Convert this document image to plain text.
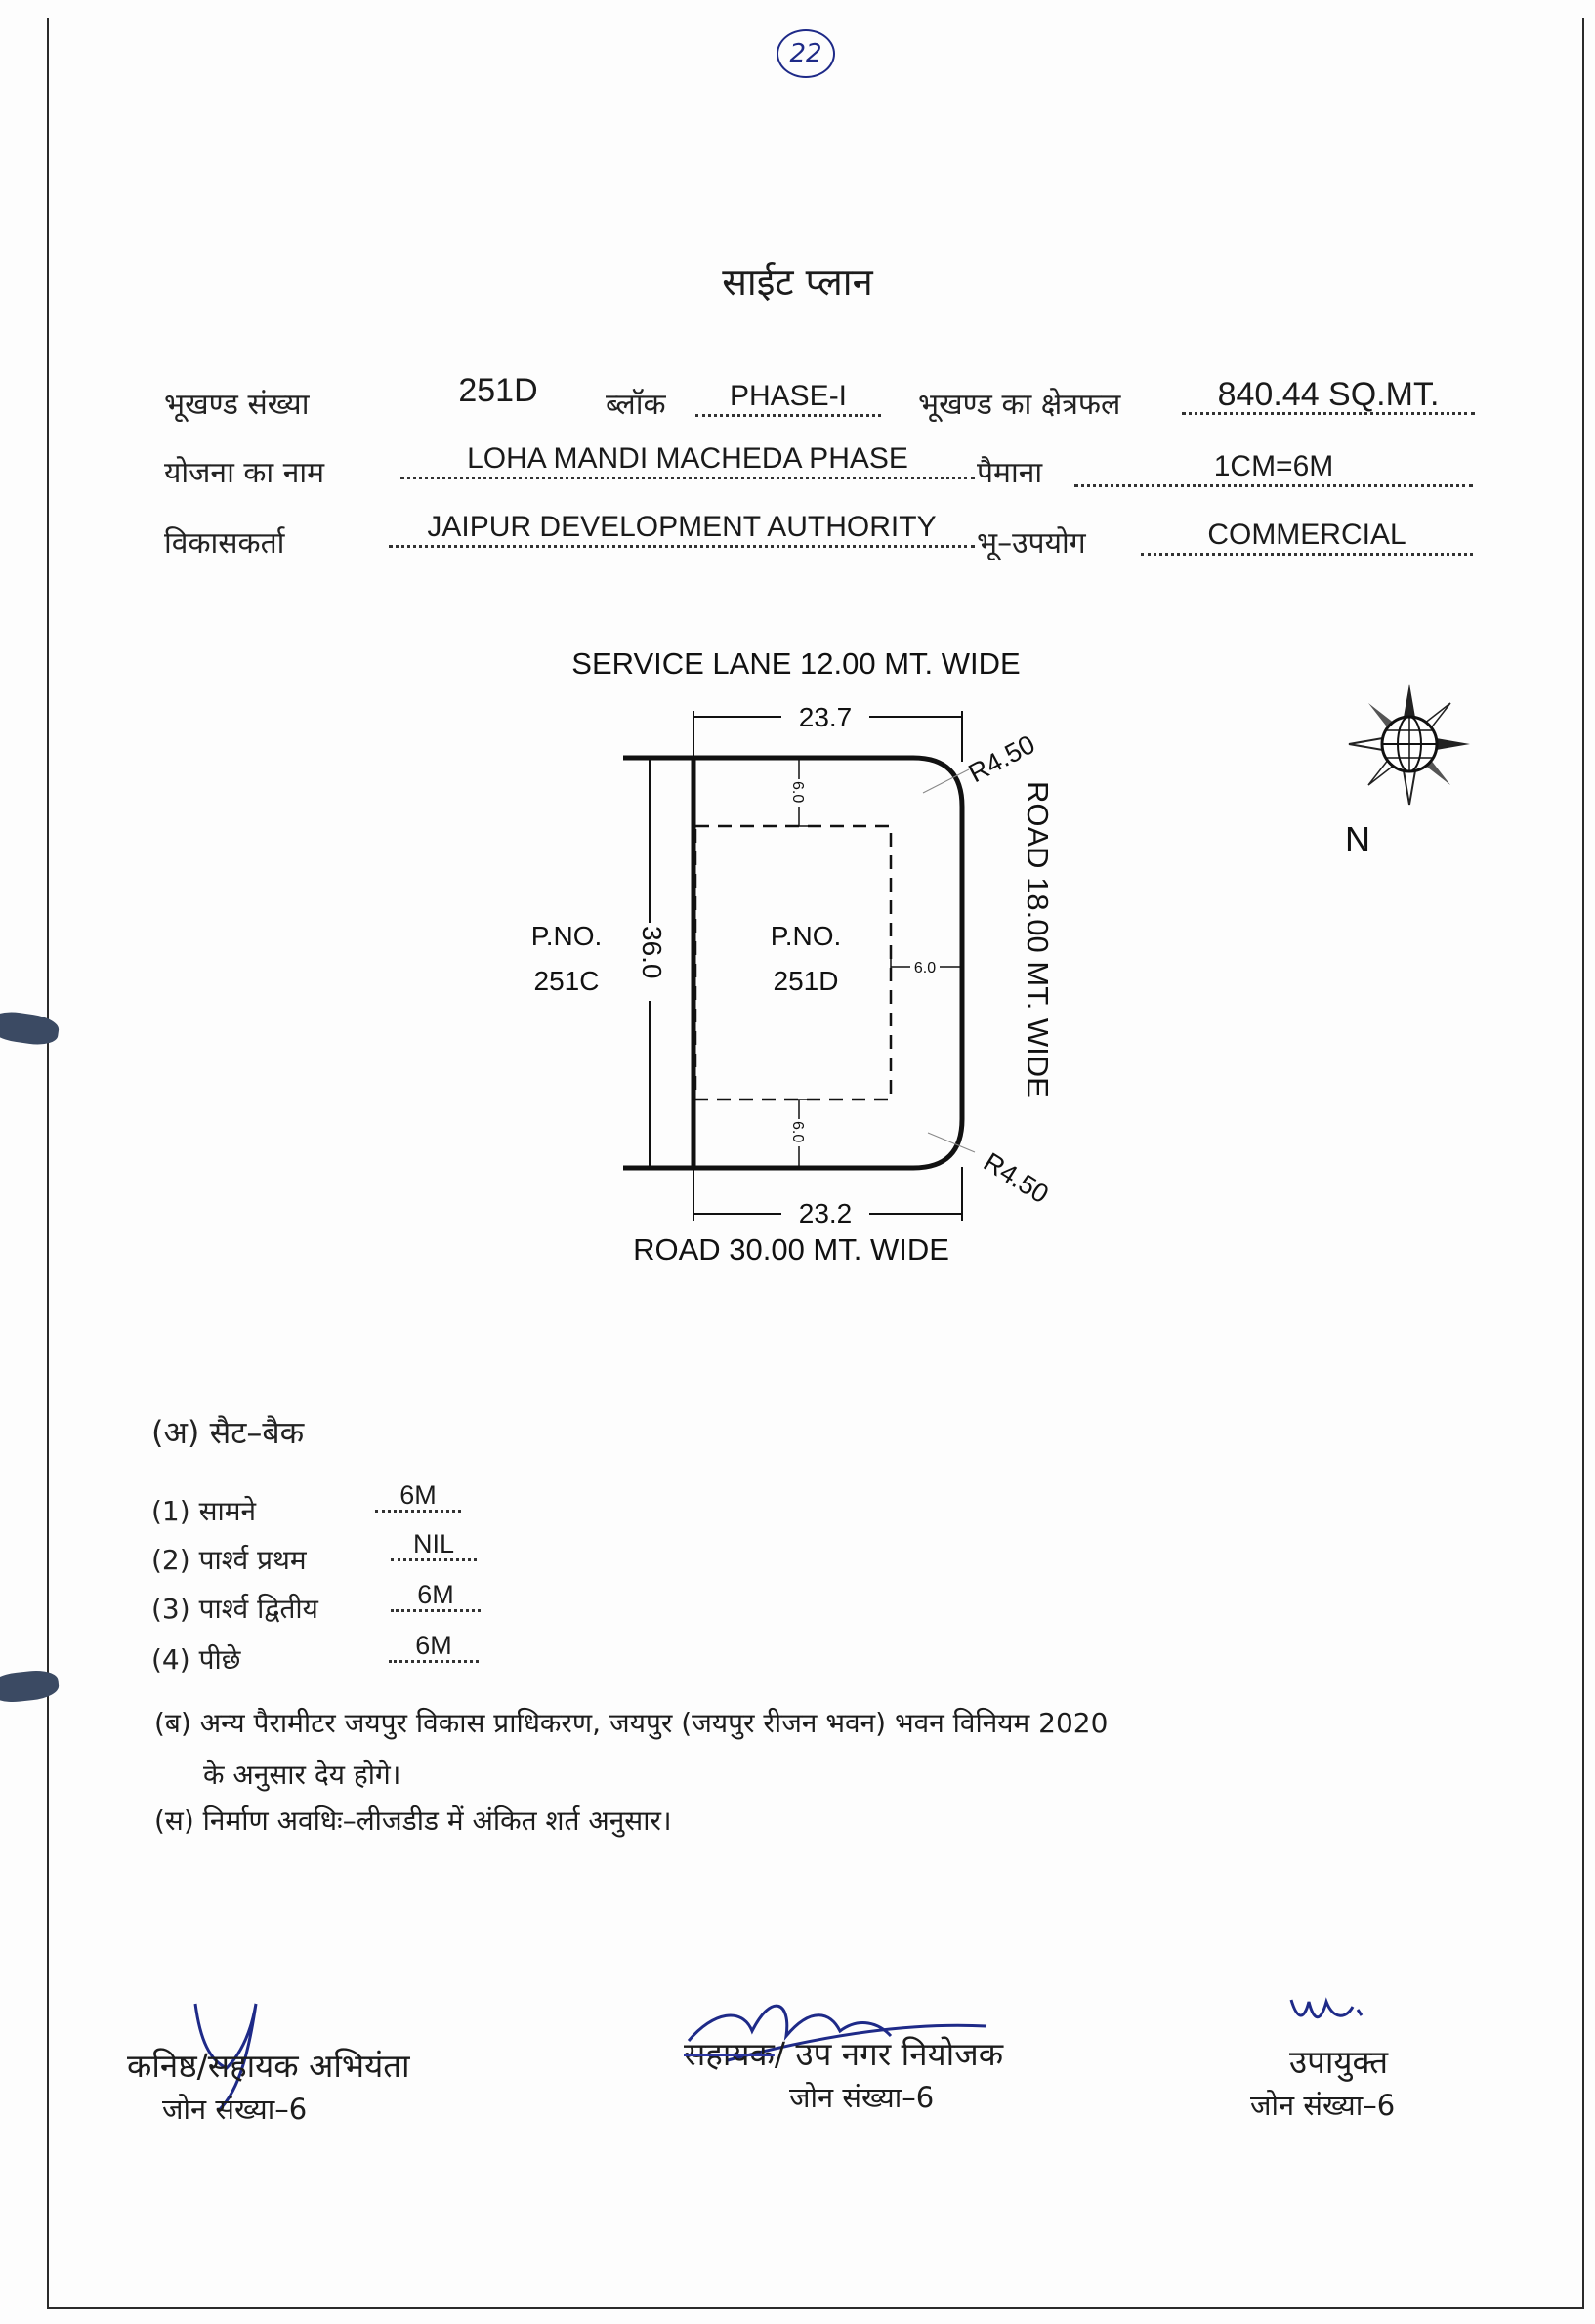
22
साईट प्लान
भूखण्ड संख्या	251D	ब्लॉक	PHASE-I	भूखण्ड का क्षेत्रफल	840.44 SQ.MT.
योजना का नाम	LOHA MANDI MACHEDA PHASE	पैमाना	1CM=6M
विकासकर्ता	JAIPUR DEVELOPMENT AUTHORITY	भू–उपयोग	COMMERCIAL
SERVICE LANE 12.00 MT. WIDE
ROAD 30.00 MT. WIDE
ROAD 18.00 MT. WIDE
23.7
23.2
36.0
6.0
6.0
6.0
R4.50
R4.50
P.NO.
251D
P.NO.
251C
N
(अ) सैट–बैक
(1) सामने	6M
(2) पार्श्व प्रथम	NIL
(3) पार्श्व द्वितीय	6M
(4) पीछे	6M
(ब) अन्य पैरामीटर जयपुर विकास प्राधिकरण, जयपुर (जयपुर रीजन भवन) भवन विनियम 2020
के अनुसार देय होगे।
(स) निर्माण अवधिः–लीजडीड में अंकित शर्त अनुसार।
कनिष्ठ/सहायक अभियंता
जोन संख्या–6
सहायक/ उप नगर नियोजक
जोन संख्या–6
उपायुक्त
जोन संख्या–6
